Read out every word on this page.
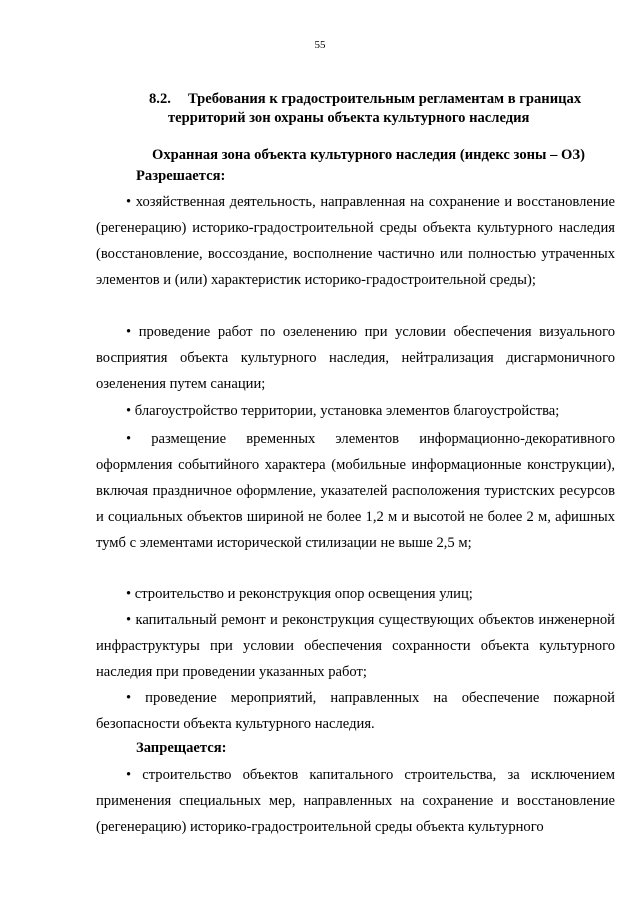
55
8.2. Требования к градостроительным регламентам в границах
территорий зон охраны объекта культурного наследия
Охранная зона объекта культурного наследия (индекс зоны – ОЗ)
Разрешается:
• хозяйственная деятельность, направленная на сохранение и восстановление (регенерацию) историко-градостроительной среды объекта культурного наследия (восстановление, воссоздание, восполнение частично или полностью утраченных элементов и (или) характеристик историко-градостроительной среды);
• проведение работ по озеленению при условии обеспечения визуального восприятия объекта культурного наследия, нейтрализация дисгармоничного озеленения путем санации;
• благоустройство территории, установка элементов благоустройства;
• размещение временных элементов информационно-декоративного оформления событийного характера (мобильные информационные конструкции), включая праздничное оформление, указателей расположения туристских ресурсов и социальных объектов шириной не более 1,2 м и высотой не более 2 м, афишных тумб с элементами исторической стилизации не выше 2,5 м;
• строительство и реконструкция опор освещения улиц;
• капитальный ремонт и реконструкция существующих объектов инженерной инфраструктуры при условии обеспечения сохранности объекта культурного наследия при проведении указанных работ;
• проведение мероприятий, направленных на обеспечение пожарной безопасности объекта культурного наследия.
Запрещается:
• строительство объектов капитального строительства, за исключением применения специальных мер, направленных на сохранение и восстановление (регенерацию) историко-градостроительной среды объекта культурного
